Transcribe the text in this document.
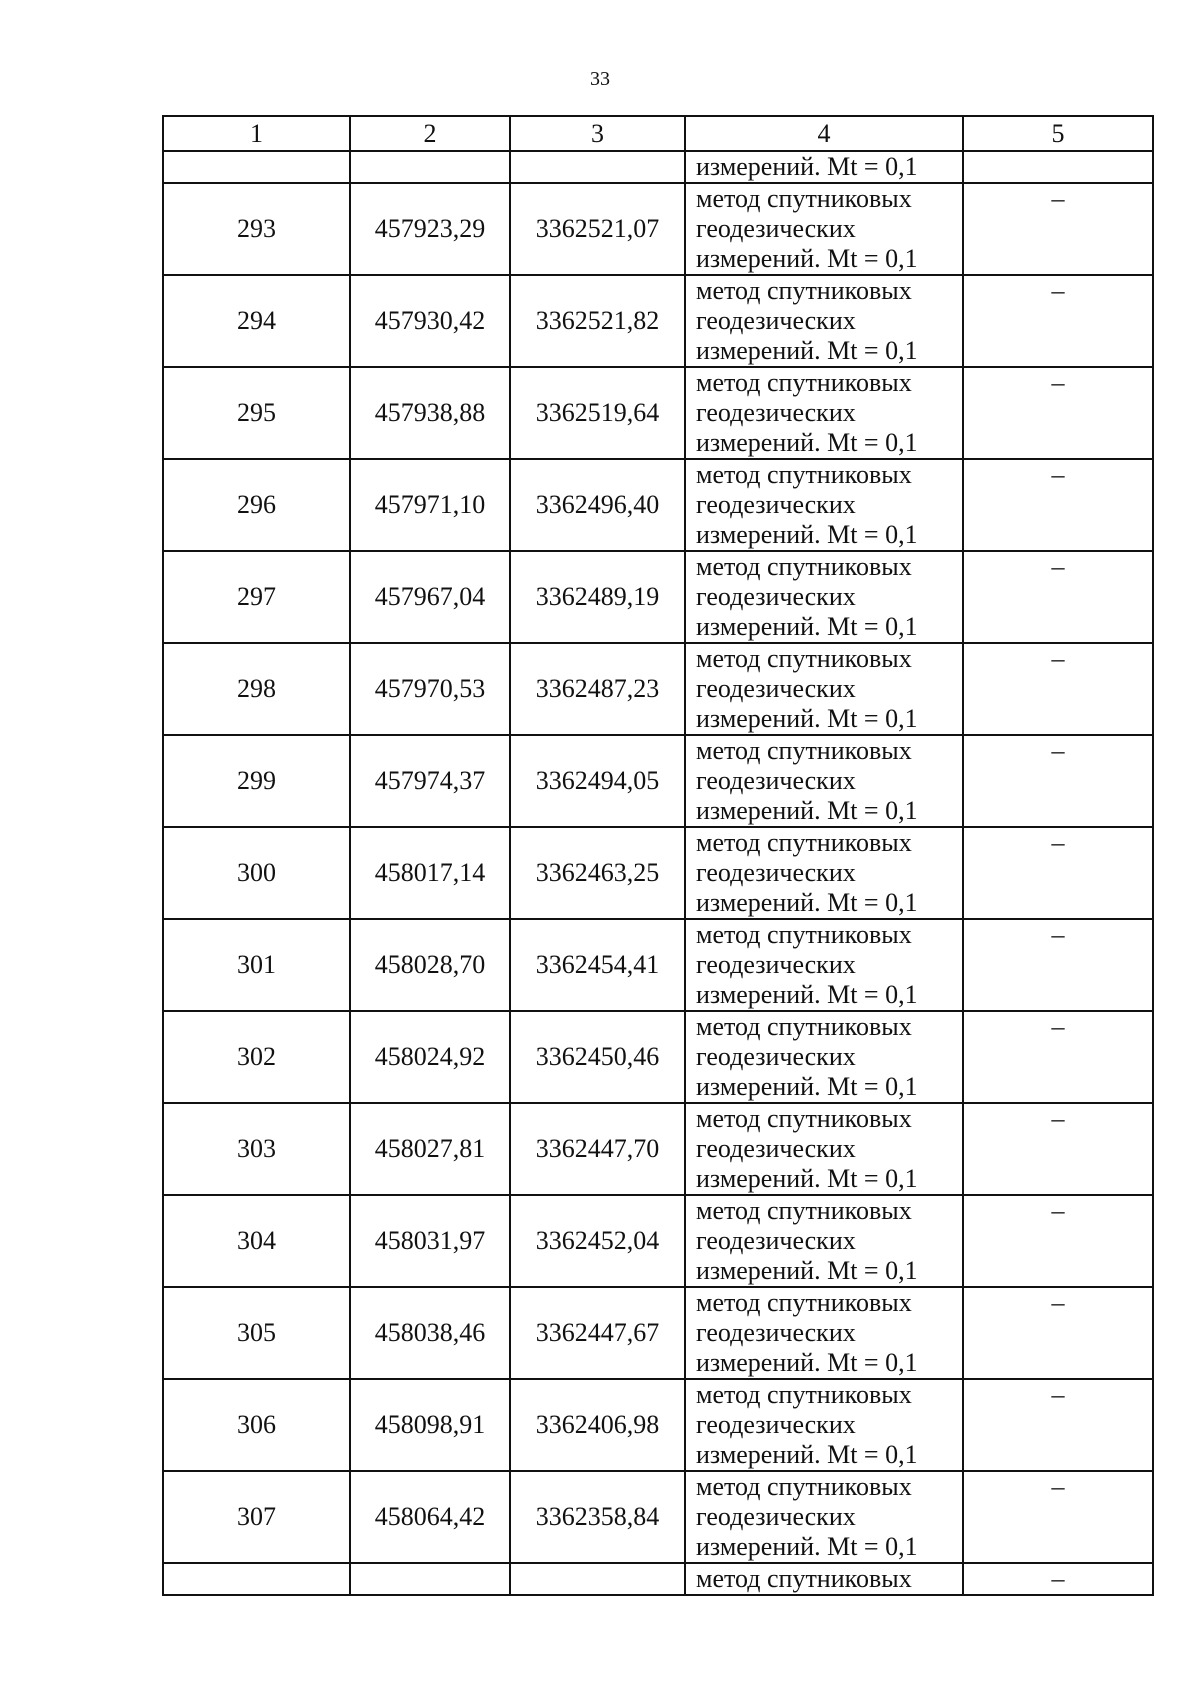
33
1	2	3	4	5
			измерений. Mt = 0,1	
293	457923,29	3362521,07	метод спутниковых
геодезических
измерений. Mt = 0,1	–
294	457930,42	3362521,82	метод спутниковых
геодезических
измерений. Mt = 0,1	–
295	457938,88	3362519,64	метод спутниковых
геодезических
измерений. Mt = 0,1	–
296	457971,10	3362496,40	метод спутниковых
геодезических
измерений. Mt = 0,1	–
297	457967,04	3362489,19	метод спутниковых
геодезических
измерений. Mt = 0,1	–
298	457970,53	3362487,23	метод спутниковых
геодезических
измерений. Mt = 0,1	–
299	457974,37	3362494,05	метод спутниковых
геодезических
измерений. Mt = 0,1	–
300	458017,14	3362463,25	метод спутниковых
геодезических
измерений. Mt = 0,1	–
301	458028,70	3362454,41	метод спутниковых
геодезических
измерений. Mt = 0,1	–
302	458024,92	3362450,46	метод спутниковых
геодезических
измерений. Mt = 0,1	–
303	458027,81	3362447,70	метод спутниковых
геодезических
измерений. Mt = 0,1	–
304	458031,97	3362452,04	метод спутниковых
геодезических
измерений. Mt = 0,1	–
305	458038,46	3362447,67	метод спутниковых
геодезических
измерений. Mt = 0,1	–
306	458098,91	3362406,98	метод спутниковых
геодезических
измерений. Mt = 0,1	–
307	458064,42	3362358,84	метод спутниковых
геодезических
измерений. Mt = 0,1	–
			метод спутниковых	–
